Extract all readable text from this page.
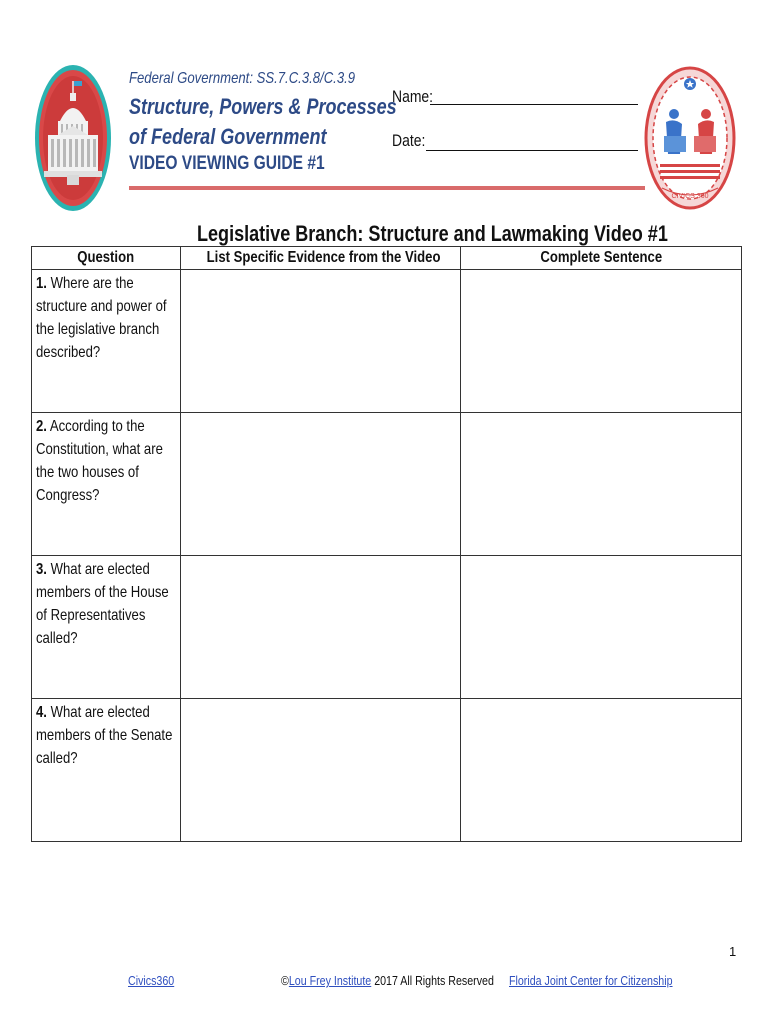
Federal Government: SS.7.C.3.8/C.3.9
Structure, Powers & Processes
of Federal Government
VIDEO VIEWING GUIDE #1
Name:
Date:
CIVICS 360
Legislative Branch: Structure and Lawmaking Video #1
Question	List Specific Evidence from the Video	Complete Sentence
1. Where are the structure and power of the legislative branch described?		
2. According to the Constitution, what are the two houses of Congress?		
3. What are elected members of the House of Representatives called?		
4. What are elected members of the Senate called?		
1
Civics360	©Lou Frey Institute 2017 All Rights Reserved Florida Joint Center for Citizenship
